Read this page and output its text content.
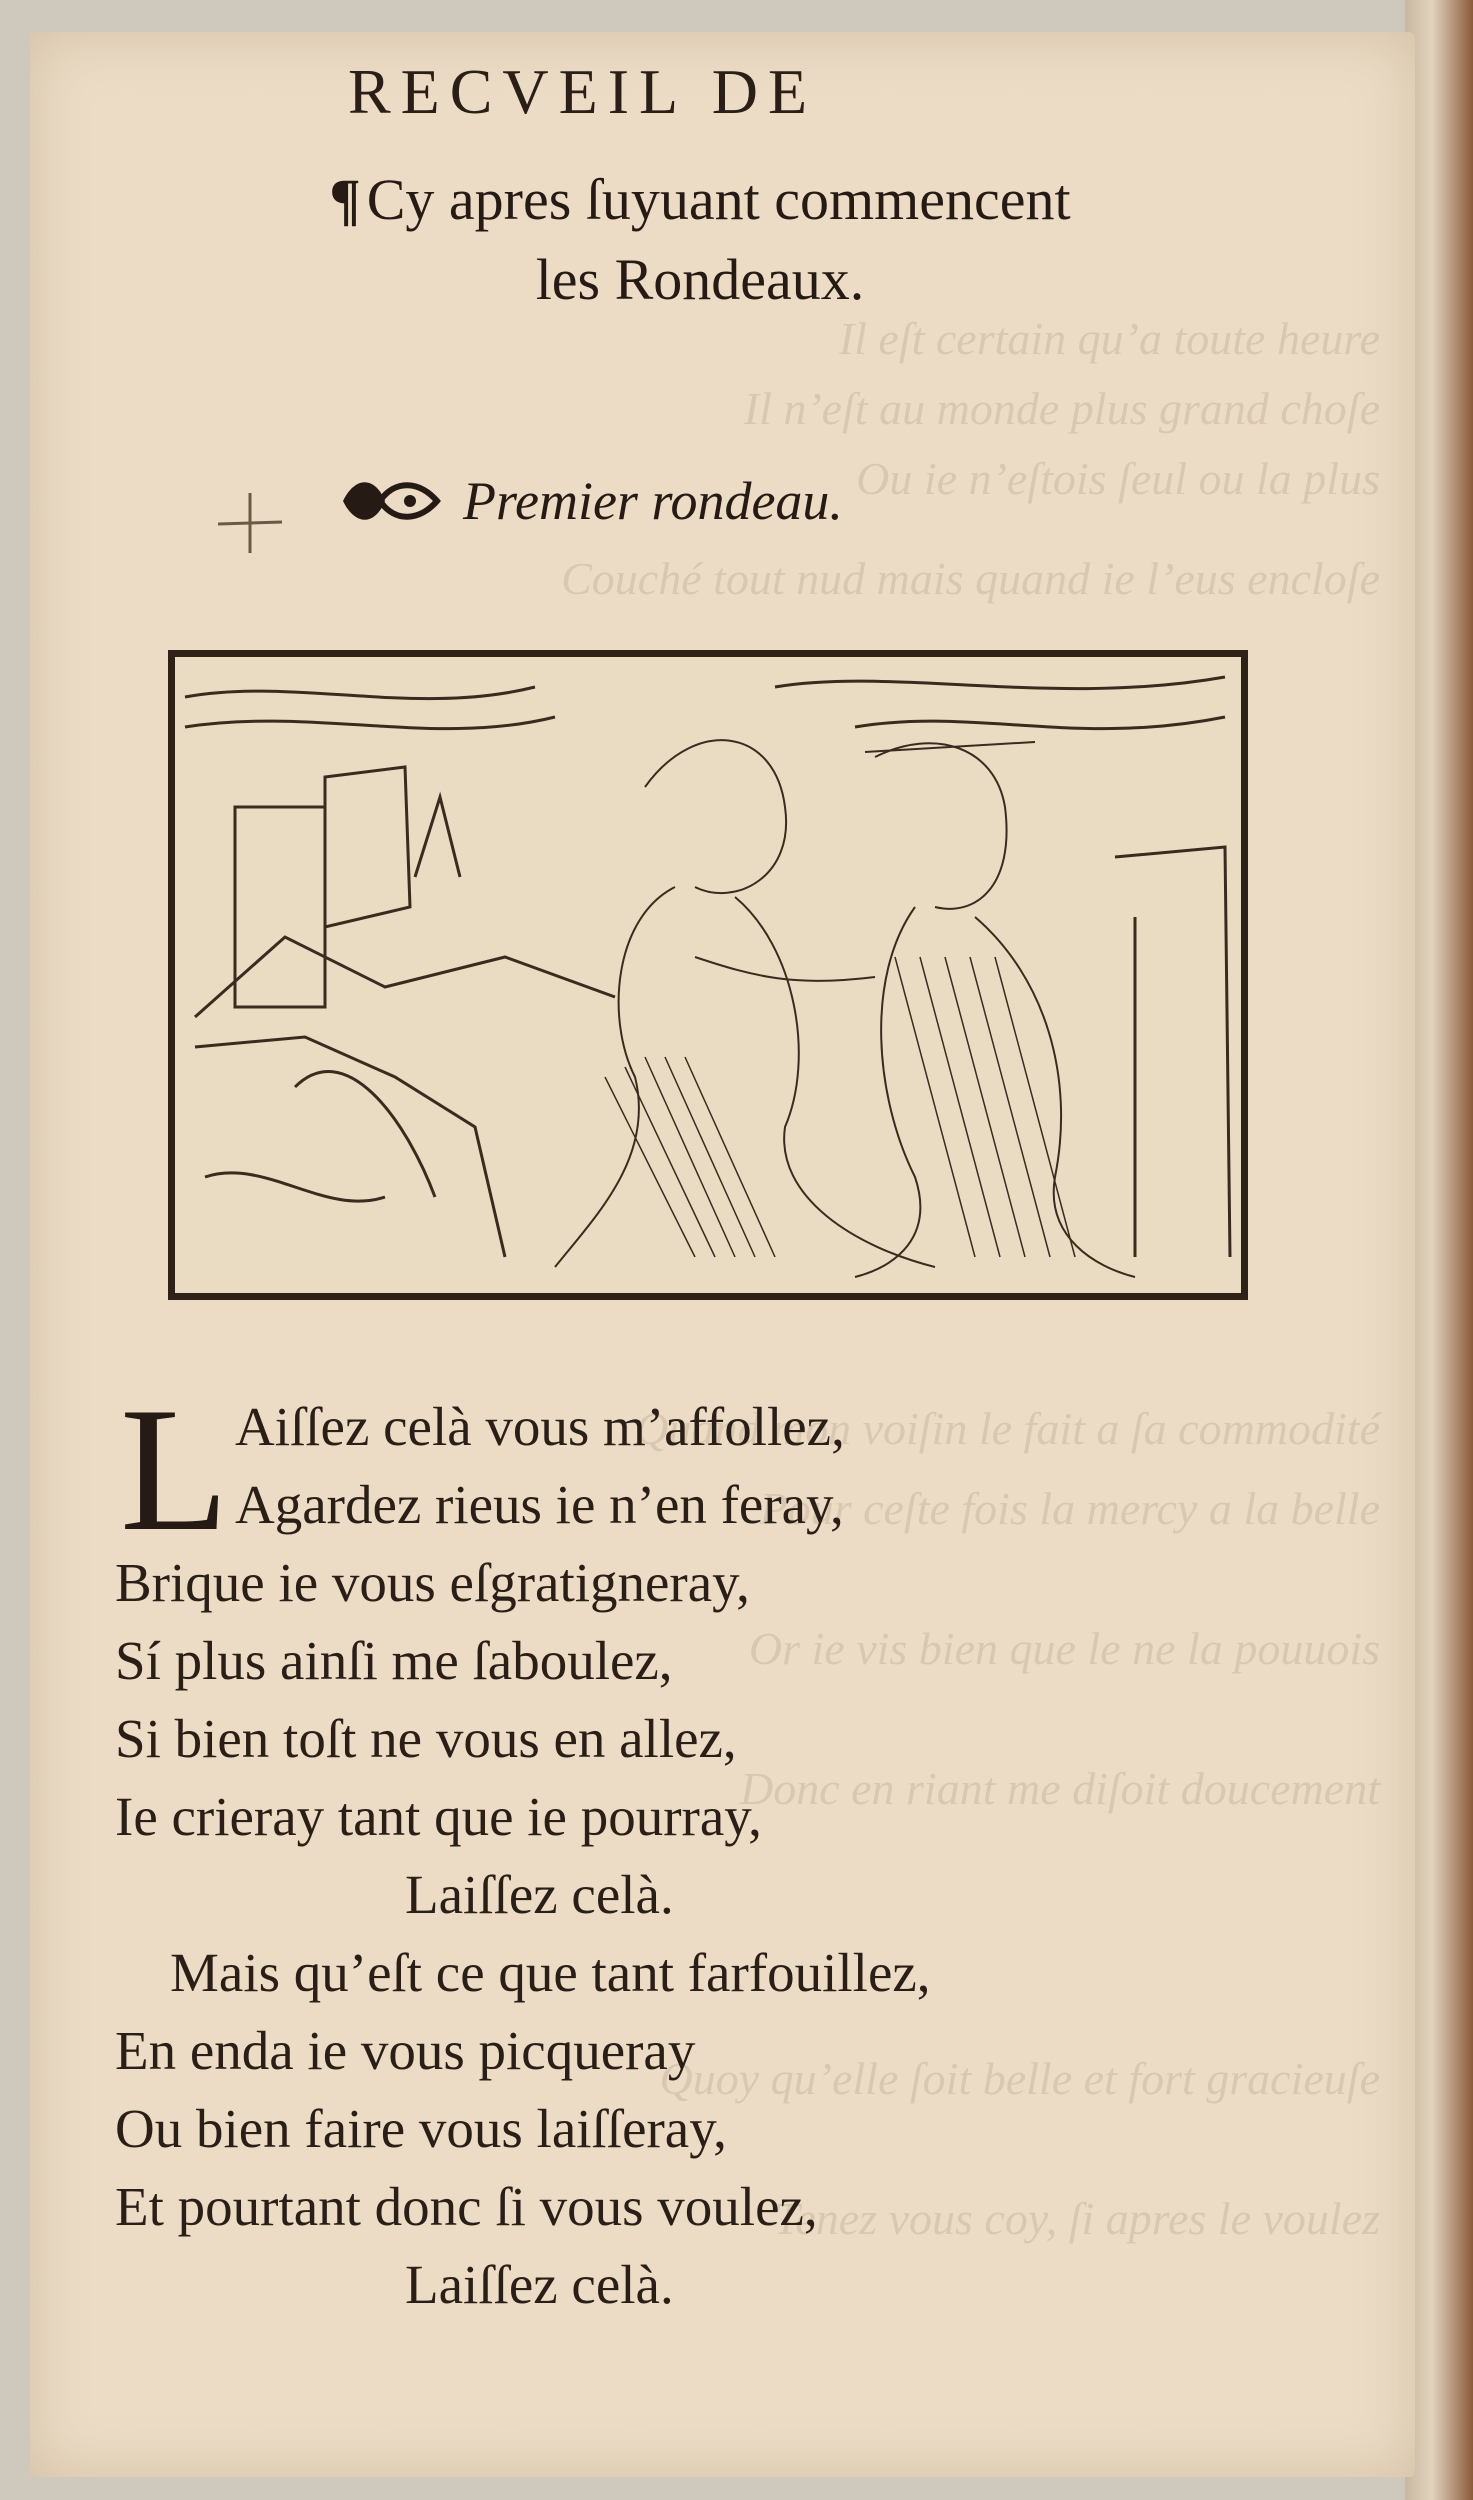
Il eſt certain qu’a toute heure
Il n’eſt au monde plus grand choſe
Ou ie n’eſtois ſeul ou la plus
Couché tout nud mais quand ie l’eus encloſe
Quand mon voiſin le fait a ſa commodité
Pour ceſte fois la mercy a la belle
Or ie vis bien que le ne la pouuois
Donc en riant me diſoit doucement
Quoy qu’elle ſoit belle et fort gracieuſe
Tenez vous coy, ſi apres le voulez
RECVEIL DE
¶ Cy apres ſuyuant commencent
les Rondeaux.
Premier rondeau.
L Aiſſez celà vous m’affollez,
Agardez rieus ie n’en feray,
Brique ie vous eſgratigneray,
Sí plus ainſi me ſaboulez,
Si bien toſt ne vous en allez,
Ie crieray tant que ie pourray,
Laiſſez celà.
Mais qu’eſt ce que tant farfouillez,
En enda ie vous picqueray
Ou bien faire vous laiſſeray,
Et pourtant donc ſi vous voulez,
Laiſſez celà.
